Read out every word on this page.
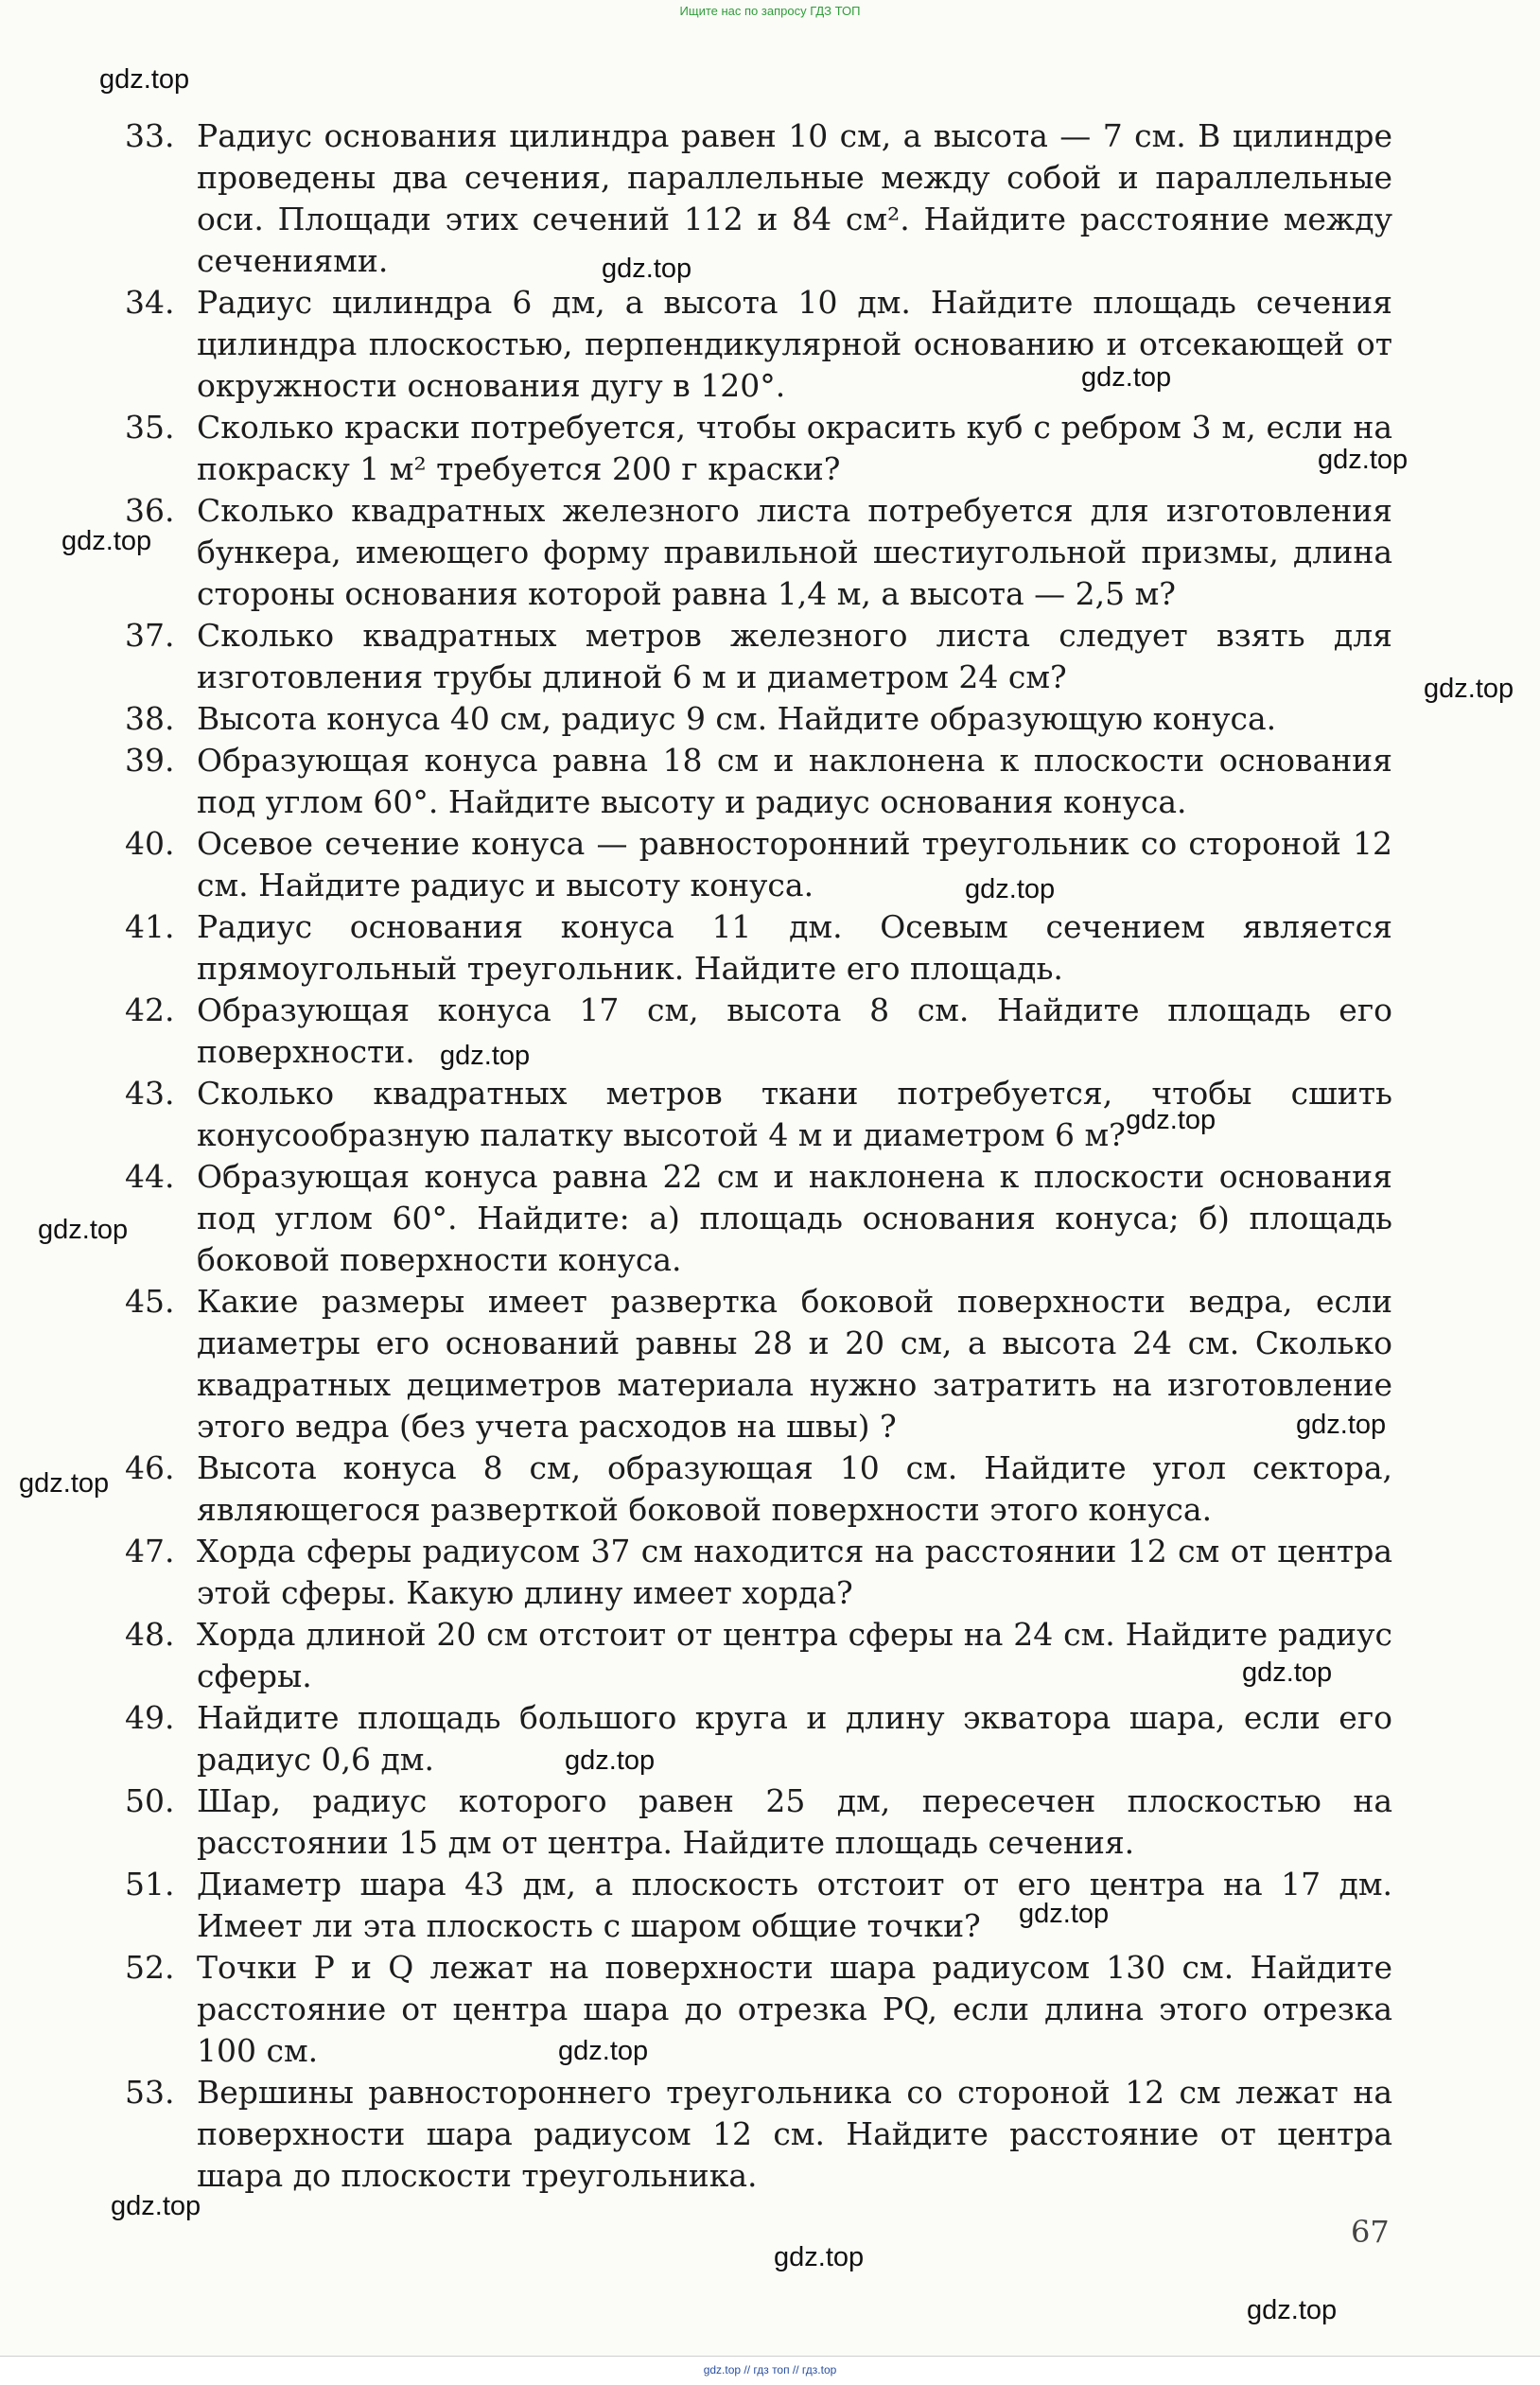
Ищите нас по запросу ГДЗ ТОП
33. Радиус основания цилиндра равен 10 см, а высота — 7 см. В цилиндре проведены два сечения, параллельные между собой и параллельные оси. Площади этих сечений 112 и 84 см². Найдите расстояние между сечениями.
34. Радиус цилиндра 6 дм, а высота 10 дм. Найдите площадь сечения цилиндра плоскостью, перпендикулярной основанию и отсекающей от окружности основания дугу в 120°.
35. Сколько краски потребуется, чтобы окрасить куб с ребром 3 м, если на покраску 1 м² требуется 200 г краски?
36. Сколько квадратных железного листа потребуется для изготовления бункера, имеющего форму правильной шестиугольной призмы, длина стороны основания которой равна 1,4 м, а высота — 2,5 м?
37. Сколько квадратных метров железного листа следует взять для изготовления трубы длиной 6 м и диаметром 24 см?
38. Высота конуса 40 см, радиус 9 см. Найдите образующую конуса.
39. Образующая конуса равна 18 см и наклонена к плоскости основания под углом 60°. Найдите высоту и радиус основания конуса.
40. Осевое сечение конуса — равносторонний треугольник со стороной 12 см. Найдите радиус и высоту конуса.
41. Радиус основания конуса 11 дм. Осевым сечением является прямоугольный треугольник. Найдите его площадь.
42. Образующая конуса 17 см, высота 8 см. Найдите площадь его поверхности.
43. Сколько квадратных метров ткани потребуется, чтобы сшить конусообразную палатку высотой 4 м и диаметром 6 м?
44. Образующая конуса равна 22 см и наклонена к плоскости основания под углом 60°. Найдите: а) площадь основания конуса; б) площадь боковой поверхности конуса.
45. Какие размеры имеет развертка боковой поверхности ведра, если диаметры его оснований равны 28 и 20 см, а высота 24 см. Сколько квадратных дециметров материала нужно затратить на изготовление этого ведра (без учета расходов на швы) ?
46. Высота конуса 8 см, образующая 10 см. Найдите угол сектора, являющегося разверткой боковой поверхности этого конуса.
47. Хорда сферы радиусом 37 см находится на расстоянии 12 см от центра этой сферы. Какую длину имеет хорда?
48. Хорда длиной 20 см отстоит от центра сферы на 24 см. Найдите радиус сферы.
49. Найдите площадь большого круга и длину экватора шара, если его радиус 0,6 дм.
50. Шар, радиус которого равен 25 дм, пересечен плоскостью на расстоянии 15 дм от центра. Найдите площадь сечения.
51. Диаметр шара 43 дм, а плоскость отстоит от его центра на 17 дм. Имеет ли эта плоскость с шаром общие точки?
52. Точки P и Q лежат на поверхности шара радиусом 130 см. Найдите расстояние от центра шара до отрезка PQ, если длина этого отрезка 100 см.
53. Вершины равностороннего треугольника со стороной 12 см лежат на поверхности шара радиусом 12 см. Найдите расстояние от центра шара до плоскости треугольника.
gdz.top
gdz.top
gdz.top
gdz.top
gdz.top
gdz.top
gdz.top
gdz.top
gdz.top
gdz.top
gdz.top
gdz.top
gdz.top
gdz.top
gdz.top
gdz.top
gdz.top
gdz.top
gdz.top
67
gdz.top // гдз топ // гдз.top
